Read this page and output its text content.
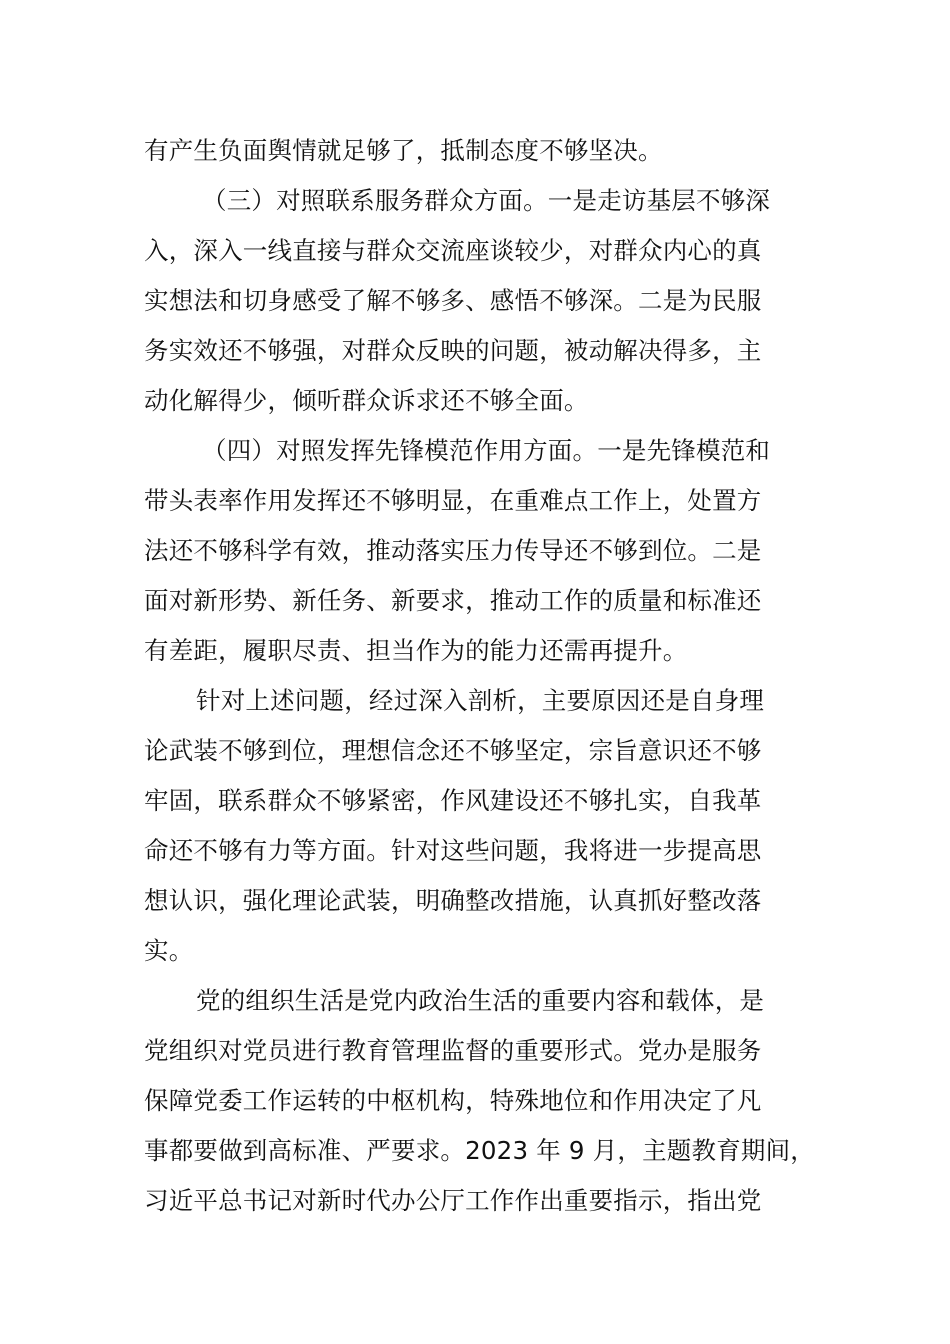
有产生负面舆情就足够了，抵制态度不够坚决。
（三）对照联系服务群众方面。一是走访基层不够深
入，深入一线直接与群众交流座谈较少，对群众内心的真
实想法和切身感受了解不够多、感悟不够深。二是为民服
务实效还不够强，对群众反映的问题，被动解决得多，主
动化解得少，倾听群众诉求还不够全面。
（四）对照发挥先锋模范作用方面。一是先锋模范和
带头表率作用发挥还不够明显，在重难点工作上，处置方
法还不够科学有效，推动落实压力传导还不够到位。二是
面对新形势、新任务、新要求，推动工作的质量和标准还
有差距，履职尽责、担当作为的能力还需再提升。
针对上述问题，经过深入剖析，主要原因还是自身理
论武装不够到位，理想信念还不够坚定，宗旨意识还不够
牢固，联系群众不够紧密，作风建设还不够扎实，自我革
命还不够有力等方面。针对这些问题，我将进一步提高思
想认识，强化理论武装，明确整改措施，认真抓好整改落
实。
党的组织生活是党内政治生活的重要内容和载体，是
党组织对党员进行教育管理监督的重要形式。党办是服务
保障党委工作运转的中枢机构，特殊地位和作用决定了凡
事都要做到高标准、严要求。2023 年 9 月，主题教育期间，
习近平总书记对新时代办公厅工作作出重要指示，指出党
